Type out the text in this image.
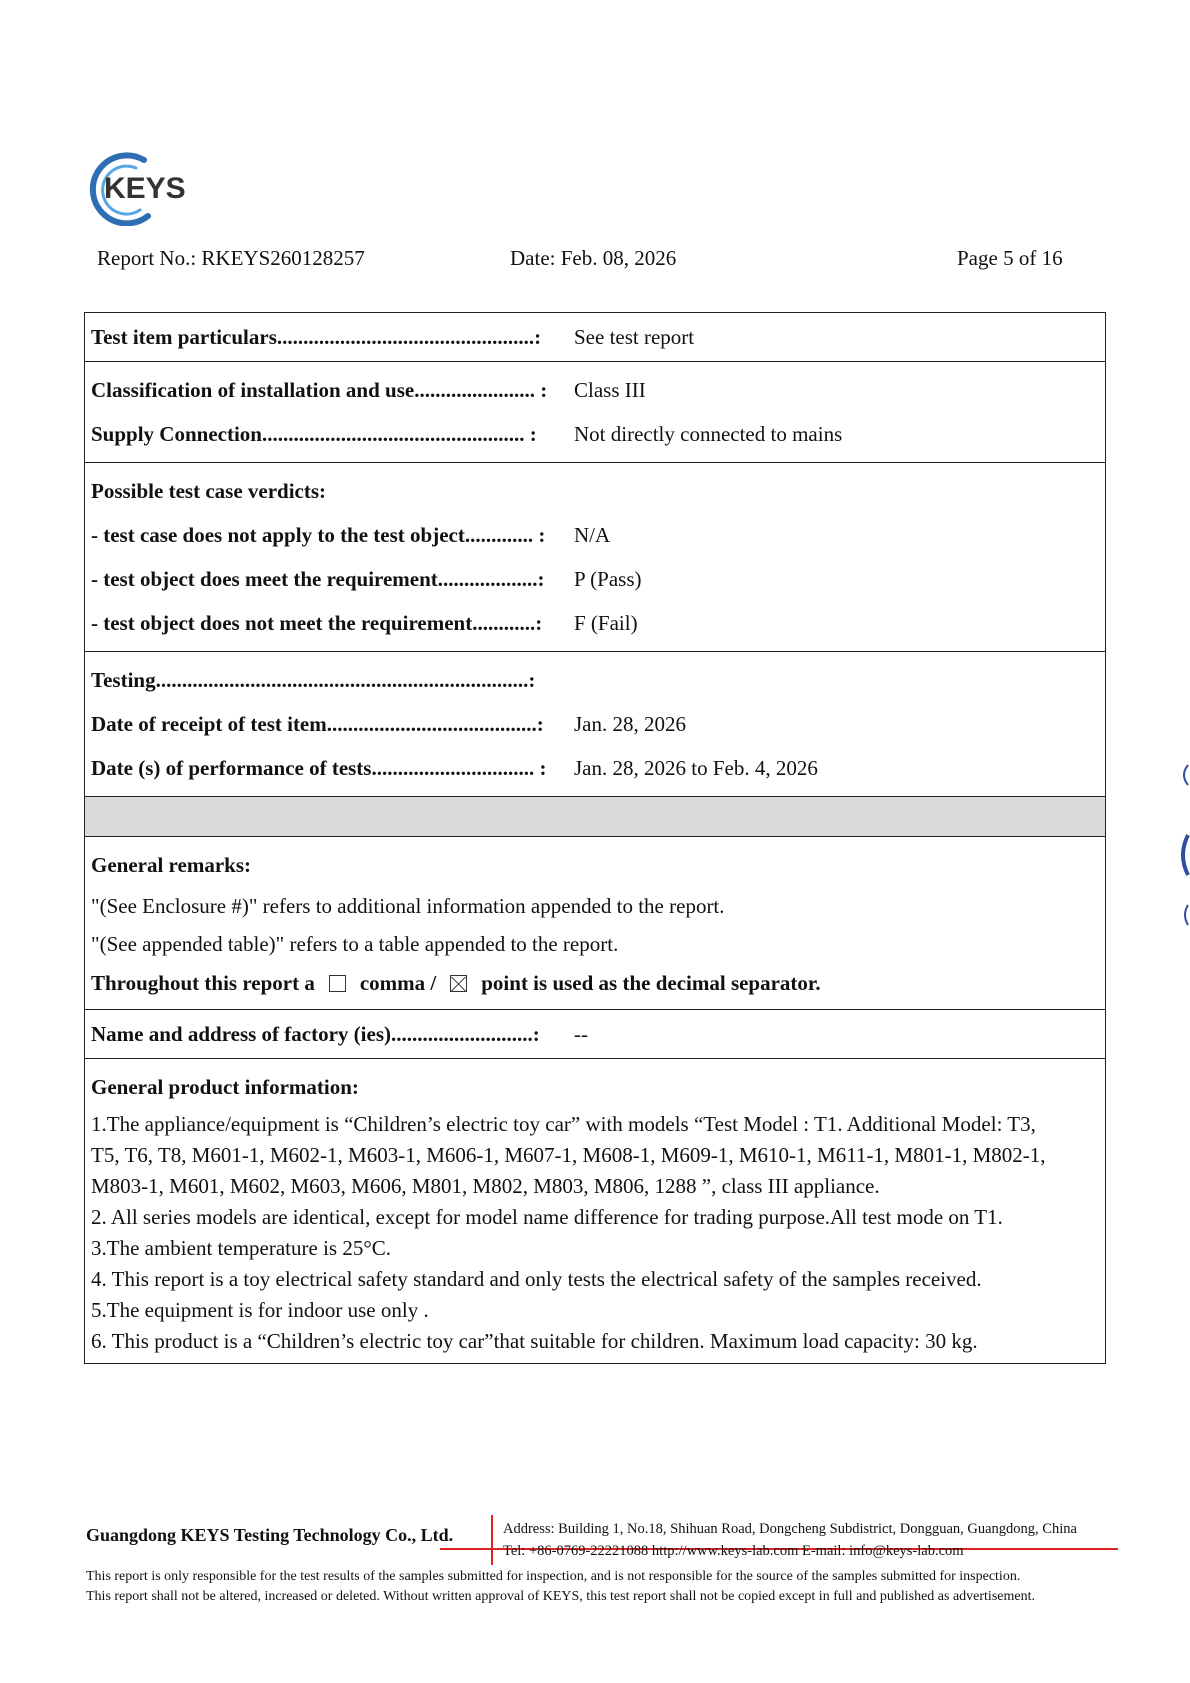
KEYS
Report No.: RKEYS260128257	Date: Feb. 08, 2026	Page 5 of 16
Test item particulars.................................................:	See test report
Classification of installation and use....................... :	Class III
Supply Connection.................................................. :	Not directly connected to mains
Possible test case verdicts:
- test case does not apply to the test object............. :	N/A
- test object does meet the requirement...................:	P (Pass)
- test object does not meet the requirement............:	F (Fail)
Testing.......................................................................:
Date of receipt of test item........................................:	Jan. 28, 2026
Date (s) of performance of tests............................... :	Jan. 28, 2026 to Feb. 4, 2026
General remarks:
"(See Enclosure #)" refers to additional information appended to the report.
"(See appended table)" refers to a table appended to the report.
Throughout this report a comma / point is used as the decimal separator.
Name and address of factory (ies)...........................:	--
General product information:

1.The appliance/equipment is “Children’s electric toy car” with models “Test Model : T1. Additional Model: T3,

T5, T6, T8, M601-1, M602-1, M603-1, M606-1, M607-1, M608-1, M609-1, M610-1, M611-1, M801-1, M802-1,

M803-1, M601, M602, M603, M606, M801, M802, M803, M806, 1288 ”, class III appliance.

2. All series models are identical, except for model name difference for trading purpose.All test mode on T1.

3.The ambient temperature is 25°C.

4. This report is a toy electrical safety standard and only tests the electrical safety of the samples received.

5.The equipment is for indoor use only .

6. This product is a “Children’s electric toy car”that suitable for children. Maximum load capacity: 30 kg.

Guangdong KEYS Testing Technology Co., Ltd.	Address: Building 1, No.18, Shihuan Road, Dongcheng Subdistrict, Dongguan, Guangdong, China
Tel: +86-0769-22221088 http://www.keys-lab.com E-mail: info@keys-lab.com
This report is only responsible for the test results of the samples submitted for inspection, and is not responsible for the source of the samples submitted for inspection.
This report shall not be altered, increased or deleted. Without written approval of KEYS, this test report shall not be copied except in full and published as advertisement.
